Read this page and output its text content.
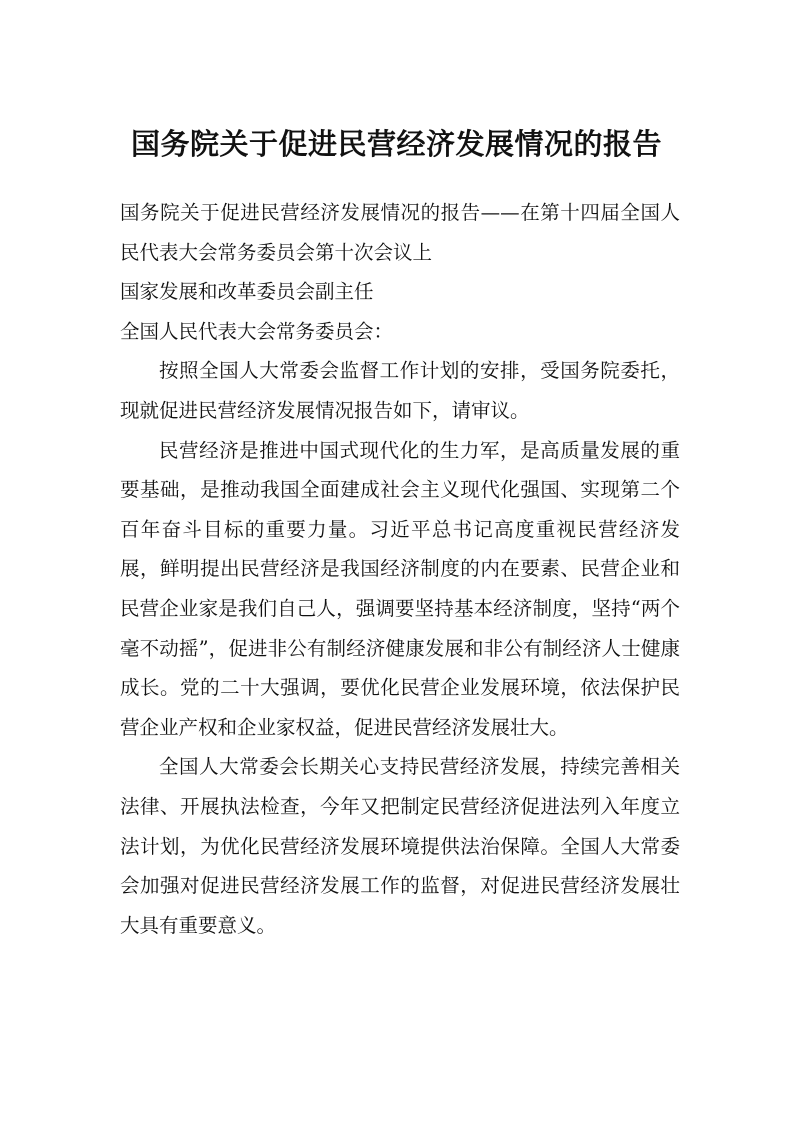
国务院关于促进民营经济发展情况的报告

国务院关于促进民营经济发展情况的报告——在第十四届全国人民代表大会常务委员会第十次会议上

国家发展和改革委员会副主任

全国人民代表大会常务委员会：

按照全国人大常委会监督工作计划的安排，受国务院委托，现就促进民营经济发展情况报告如下，请审议。

民营经济是推进中国式现代化的生力军，是高质量发展的重要基础，是推动我国全面建成社会主义现代化强国、实现第二个百年奋斗目标的重要力量。习近平总书记高度重视民营经济发展，鲜明提出民营经济是我国经济制度的内在要素、民营企业和民营企业家是我们自己人，强调要坚持基本经济制度，坚持“两个毫不动摇”，促进非公有制经济健康发展和非公有制经济人士健康成长。党的二十大强调，要优化民营企业发展环境，依法保护民营企业产权和企业家权益，促进民营经济发展壮大。

全国人大常委会长期关心支持民营经济发展，持续完善相关法律、开展执法检查，今年又把制定民营经济促进法列入年度立法计划，为优化民营经济发展环境提供法治保障。全国人大常委会加强对促进民营经济发展工作的监督，对促进民营经济发展壮大具有重要意义。
